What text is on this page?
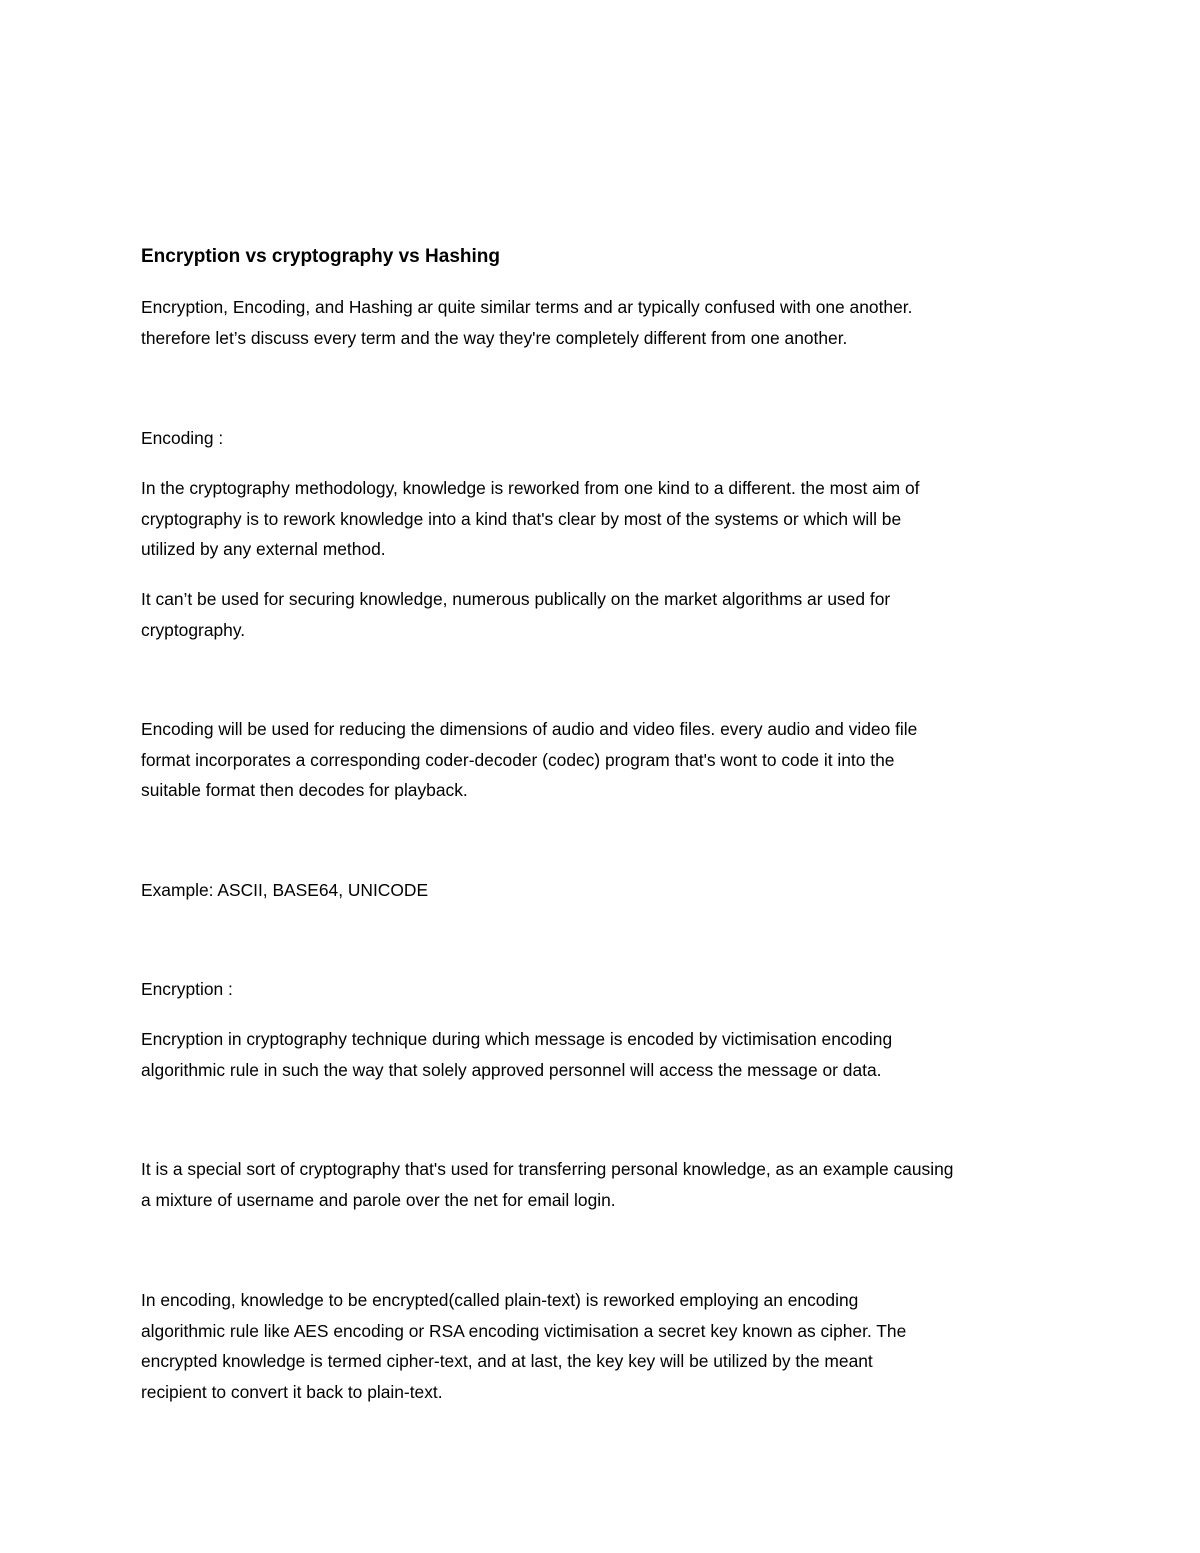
Encryption vs cryptography vs Hashing

Encryption, Encoding, and Hashing ar quite similar terms and ar typically confused with one another.
therefore let’s discuss every term and the way they're completely different from one another.

Encoding :

In the cryptography methodology, knowledge is reworked from one kind to a different. the most aim of
cryptography is to rework knowledge into a kind that's clear by most of the systems or which will be
utilized by any external method.

It can’t be used for securing knowledge, numerous publically on the market algorithms ar used for
cryptography.

Encoding will be used for reducing the dimensions of audio and video files. every audio and video file
format incorporates a corresponding coder-decoder (codec) program that's wont to code it into the
suitable format then decodes for playback.

Example: ASCII, BASE64, UNICODE

Encryption :

Encryption in cryptography technique during which message is encoded by victimisation encoding
algorithmic rule in such the way that solely approved personnel will access the message or data.

It is a special sort of cryptography that's used for transferring personal knowledge, as an example causing
a mixture of username and parole over the net for email login.

In encoding, knowledge to be encrypted(called plain-text) is reworked employing an encoding
algorithmic rule like AES encoding or RSA encoding victimisation a secret key known as cipher. The
encrypted knowledge is termed cipher-text, and at last, the key key will be utilized by the meant
recipient to convert it back to plain-text.
